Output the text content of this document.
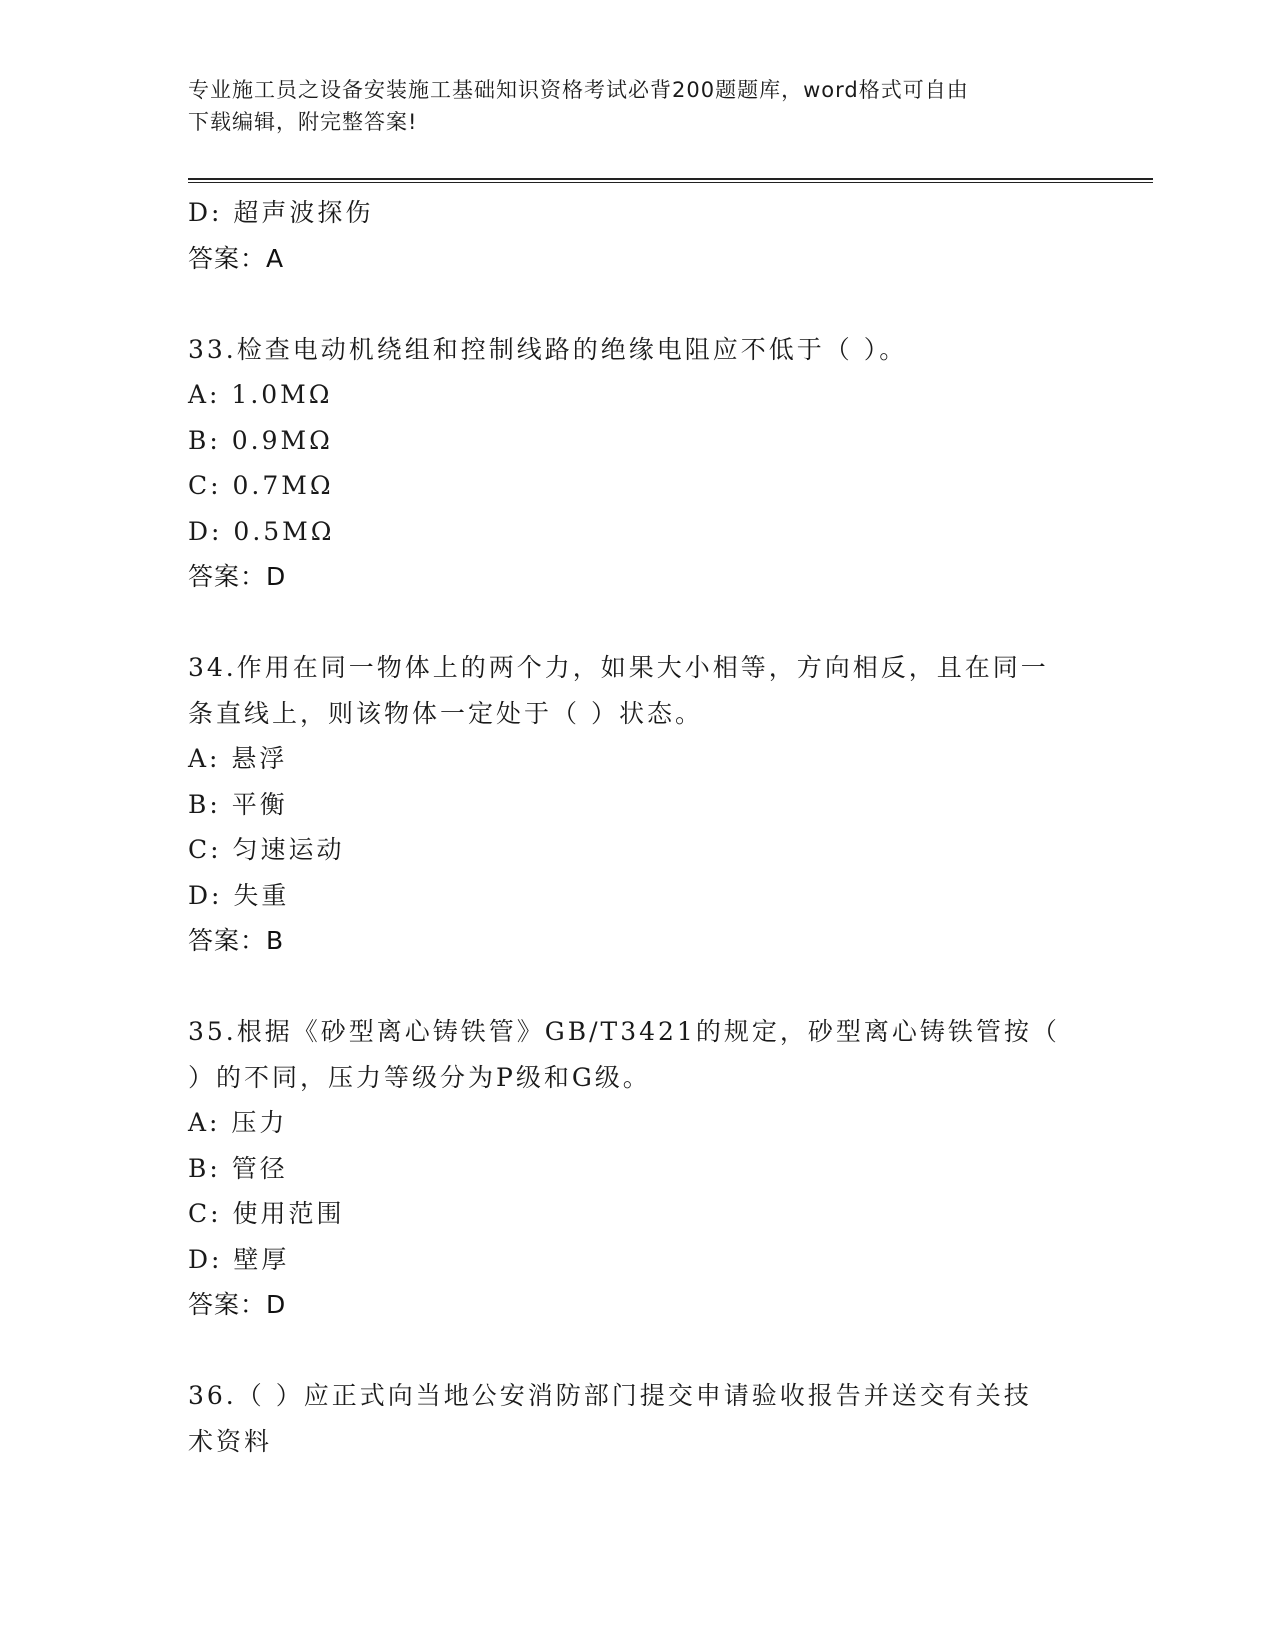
专业施工员之设备安装施工基础知识资格考试必背200题题库，word格式可自由
下载编辑，附完整答案!
D: 超声波探伤
答案：A
33.检查电动机绕组和控制线路的绝缘电阻应不低于（ ）。
A: 1.0MΩ
B: 0.9MΩ
C: 0.7MΩ
D: 0.5MΩ
答案：D
34.作用在同一物体上的两个力，如果大小相等，方向相反，且在同一
条直线上，则该物体一定处于（ ）状态。
A: 悬浮
B: 平衡
C: 匀速运动
D: 失重
答案：B
35.根据《砂型离心铸铁管》GB/T3421的规定，砂型离心铸铁管按（
）的不同，压力等级分为P级和G级。
A: 压力
B: 管径
C: 使用范围
D: 壁厚
答案：D
36.（ ）应正式向当地公安消防部门提交申请验收报告并送交有关技
术资料
